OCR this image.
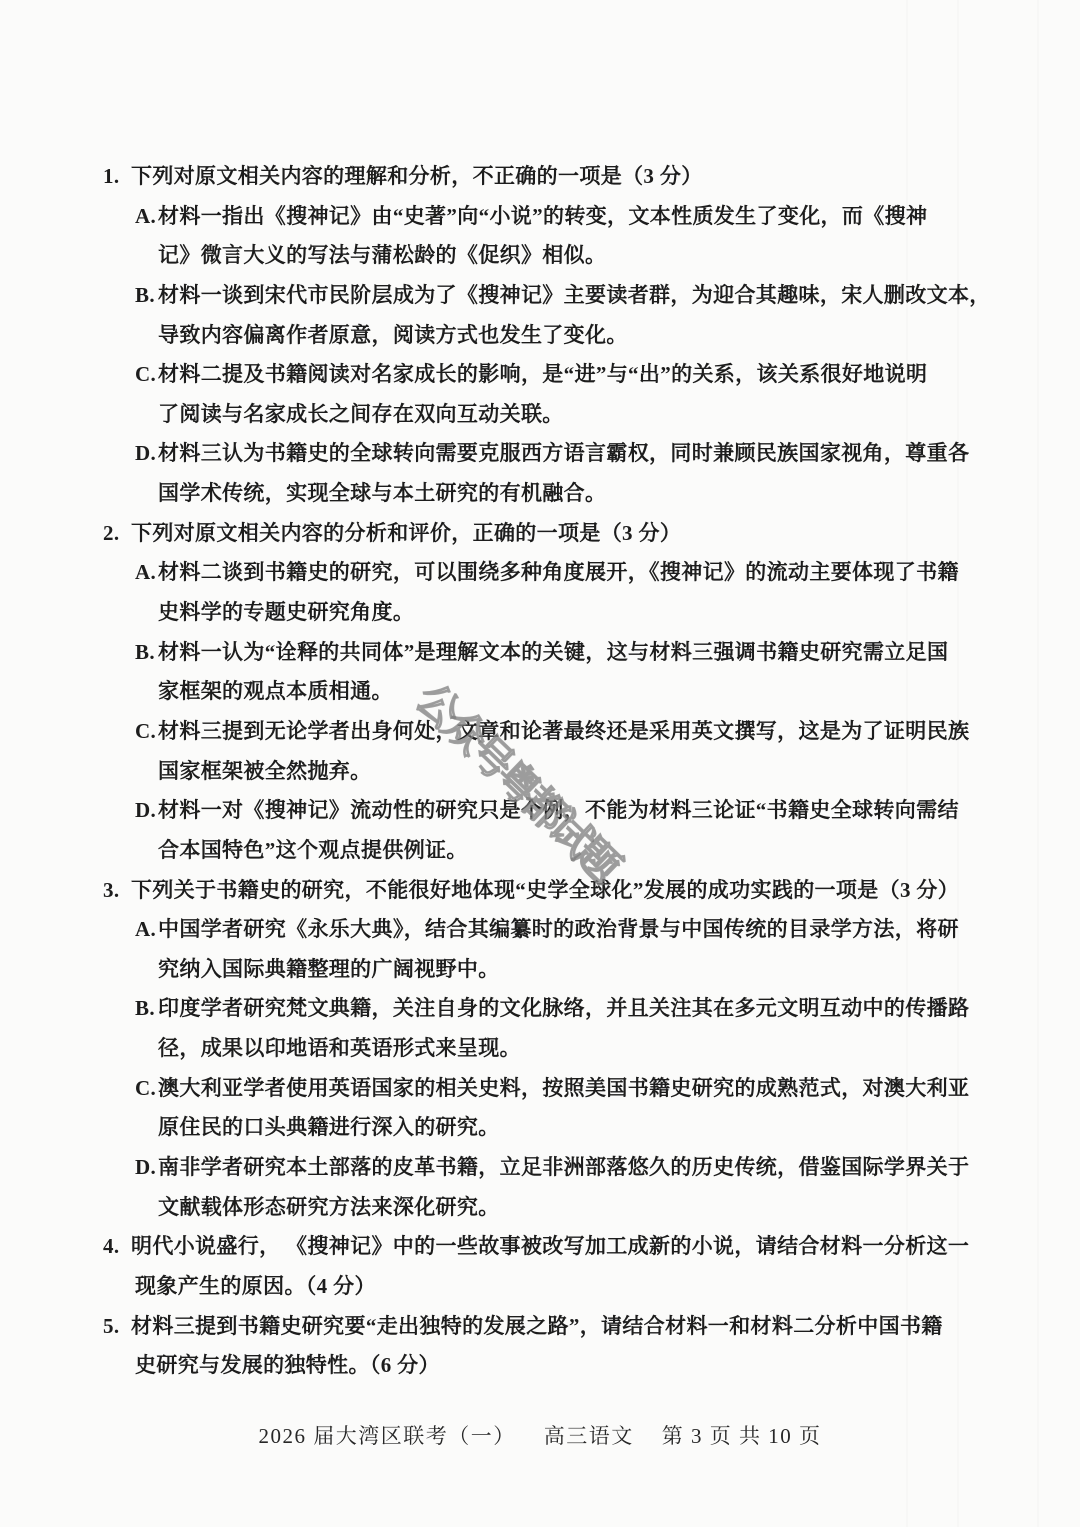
公众号粤都试题
1. 下列对原文相关内容的理解和分析，不正确的一项是（3 分）
A.材料一指出《搜神记》由“史著”向“小说”的转变，文本性质发生了变化，而《搜神
记》微言大义的写法与蒲松龄的《促织》相似。
B. 材料一谈到宋代市民阶层成为了《搜神记》主要读者群，为迎合其趣味，宋人删改文本，
导致内容偏离作者原意，阅读方式也发生了变化。
C.材料二提及书籍阅读对名家成长的影响，是“进”与“出”的关系，该关系很好地说明
了阅读与名家成长之间存在双向互动关联。
D.材料三认为书籍史的全球转向需要克服西方语言霸权，同时兼顾民族国家视角，尊重各
国学术传统，实现全球与本土研究的有机融合。
2. 下列对原文相关内容的分析和评价，正确的一项是（3 分）
A.材料二谈到书籍史的研究，可以围绕多种角度展开，《搜神记》的流动主要体现了书籍
史料学的专题史研究角度。
B. 材料一认为“诠释的共同体”是理解文本的关键，这与材料三强调书籍史研究需立足国
家框架的观点本质相通。
C.材料三提到无论学者出身何处，文章和论著最终还是采用英文撰写，这是为了证明民族
国家框架被全然抛弃。
D.材料一对《搜神记》流动性的研究只是个例，不能为材料三论证“书籍史全球转向需结
合本国特色”这个观点提供例证。
3. 下列关于书籍史的研究，不能很好地体现“史学全球化”发展的成功实践的一项是（3 分）
A.中国学者研究《永乐大典》，结合其编纂时的政治背景与中国传统的目录学方法，将研
究纳入国际典籍整理的广阔视野中。
B. 印度学者研究梵文典籍，关注自身的文化脉络，并且关注其在多元文明互动中的传播路
径，成果以印地语和英语形式来呈现。
C.澳大利亚学者使用英语国家的相关史料，按照美国书籍史研究的成熟范式，对澳大利亚
原住民的口头典籍进行深入的研究。
D.南非学者研究本土部落的皮革书籍，立足非洲部落悠久的历史传统，借鉴国际学界关于
文献载体形态研究方法来深化研究。
4. 明代小说盛行， 《搜神记》中的一些故事被改写加工成新的小说，请结合材料一分析这一
现象产生的原因。（4 分）
5. 材料三提到书籍史研究要“走出独特的发展之路”，请结合材料一和材料二分析中国书籍
史研究与发展的独特性。（6 分）
2026 届大湾区联考（一） 高三语文 第 3 页 共 10 页
